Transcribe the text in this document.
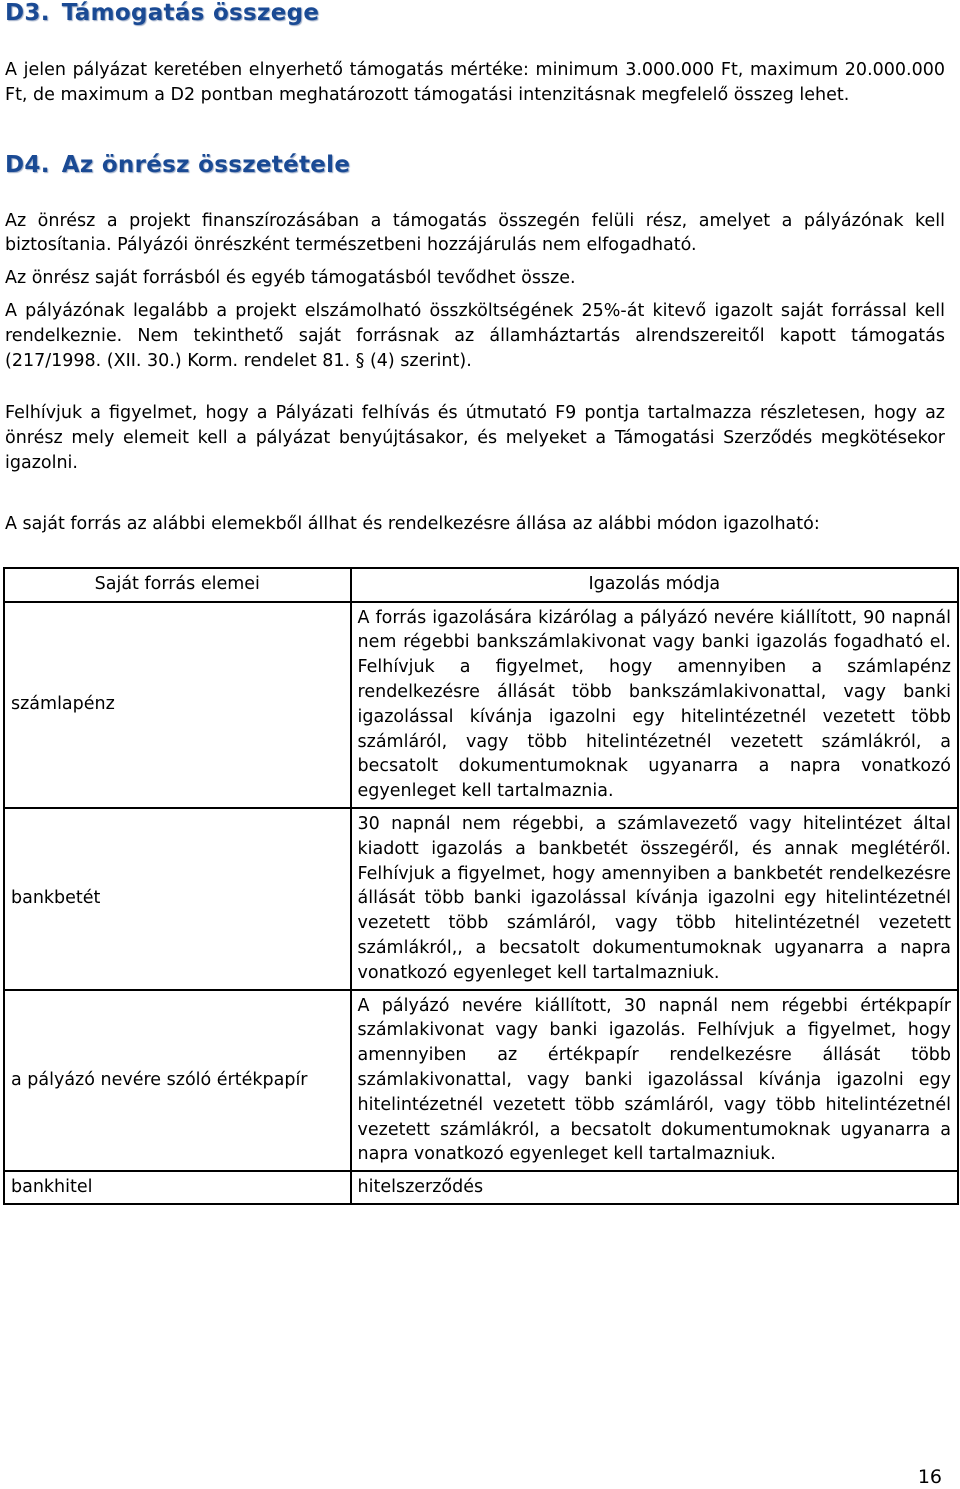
D3. Támogatás összege

A jelen pályázat keretében elnyerhető támogatás mértéke: minimum 3.000.000 Ft, maximum 20.000.000 Ft, de maximum a D2 pontban meghatározott támogatási intenzitásnak megfelelő összeg lehet.

D4. Az önrész összetétele

Az önrész a projekt finanszírozásában a támogatás összegén felüli rész, amelyet a pályázónak kell biztosítania. Pályázói önrészként természetbeni hozzájárulás nem elfogadható.

Az önrész saját forrásból és egyéb támogatásból tevődhet össze.

A pályázónak legalább a projekt elszámolható összköltségének 25%-át kitevő igazolt saját forrással kell rendelkeznie. Nem tekinthető saját forrásnak az államháztartás alrendszereitől kapott támogatás (217/1998. (XII. 30.) Korm. rendelet 81. § (4) szerint).

Felhívjuk a figyelmet, hogy a Pályázati felhívás és útmutató F9 pontja tartalmazza részletesen, hogy az önrész mely elemeit kell a pályázat benyújtásakor, és melyeket a Támogatási Szerződés megkötésekor igazolni.

A saját forrás az alábbi elemekből állhat és rendelkezésre állása az alábbi módon igazolható:

Saját forrás elemei	Igazolás módja
számlapénz	A forrás igazolására kizárólag a pályázó nevére kiállított, 90 napnál nem régebbi bankszámlakivonat vagy banki igazolás fogadható el. Felhívjuk a figyelmet, hogy amennyiben a számlapénz rendelkezésre állását több bankszámlakivonattal, vagy banki igazolással kívánja igazolni egy hitelintézetnél vezetett több számláról, vagy több hitelintézetnél vezetett számlákról, a becsatolt dokumentumoknak ugyanarra a napra vonatkozó egyenleget kell tartalmaznia.
bankbetét	30 napnál nem régebbi, a számlavezető vagy hitelintézet által kiadott igazolás a bankbetét összegéről, és annak meglétéről. Felhívjuk a figyelmet, hogy amennyiben a bankbetét rendelkezésre állását több banki igazolással kívánja igazolni egy hitelintézetnél vezetett több számláról, vagy több hitelintézetnél vezetett számlákról,, a becsatolt dokumentumoknak ugyanarra a napra vonatkozó egyenleget kell tartalmazniuk.
a pályázó nevére szóló értékpapír	A pályázó nevére kiállított, 30 napnál nem régebbi értékpapír számlakivonat vagy banki igazolás. Felhívjuk a figyelmet, hogy amennyiben az értékpapír rendelkezésre állását több számlakivonattal, vagy banki igazolással kívánja igazolni egy hitelintézetnél vezetett több számláról, vagy több hitelintézetnél vezetett számlákról, a becsatolt dokumentumoknak ugyanarra a napra vonatkozó egyenleget kell tartalmazniuk.
bankhitel	hitelszerződés
16
